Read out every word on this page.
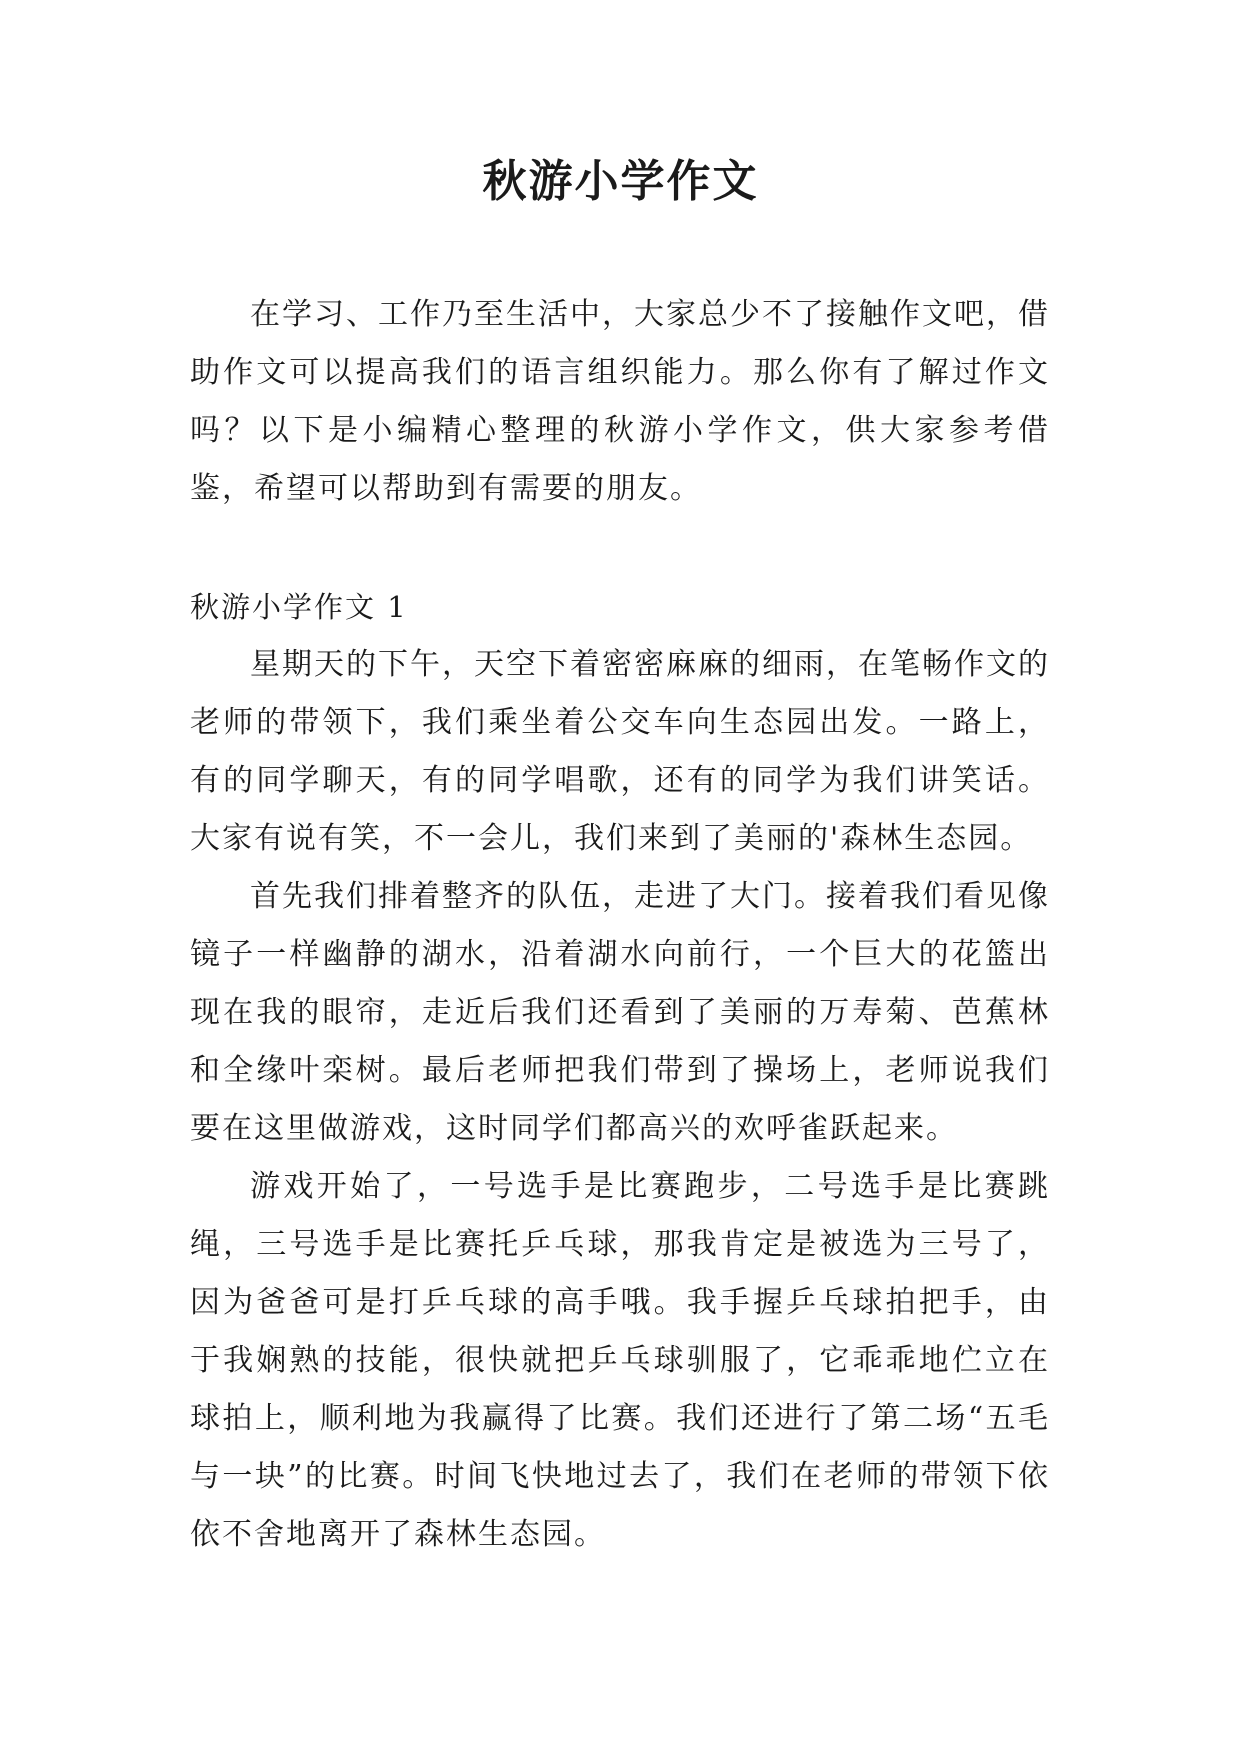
秋游小学作文

在学习、工作乃至生活中，大家总少不了接触作文吧，借助作文可以提高我们的语言组织能力。那么你有了解过作文吗？以下是小编精心整理的秋游小学作文，供大家参考借鉴，希望可以帮助到有需要的朋友。

秋游小学作文 1

星期天的下午，天空下着密密麻麻的细雨，在笔畅作文的老师的带领下，我们乘坐着公交车向生态园出发。一路上，有的同学聊天，有的同学唱歌，还有的同学为我们讲笑话。大家有说有笑，不一会儿，我们来到了美丽的'森林生态园。

首先我们排着整齐的队伍，走进了大门。接着我们看见像镜子一样幽静的湖水，沿着湖水向前行，一个巨大的花篮出现在我的眼帘，走近后我们还看到了美丽的万寿菊、芭蕉林和全缘叶栾树。最后老师把我们带到了操场上，老师说我们要在这里做游戏，这时同学们都高兴的欢呼雀跃起来。

游戏开始了，一号选手是比赛跑步，二号选手是比赛跳绳，三号选手是比赛托乒乓球，那我肯定是被选为三号了，因为爸爸可是打乒乓球的高手哦。我手握乒乓球拍把手，由于我娴熟的技能，很快就把乒乓球驯服了，它乖乖地伫立在球拍上，顺利地为我赢得了比赛。我们还进行了第二场“五毛与一块”的比赛。时间飞快地过去了，我们在老师的带领下依依不舍地离开了森林生态园。
